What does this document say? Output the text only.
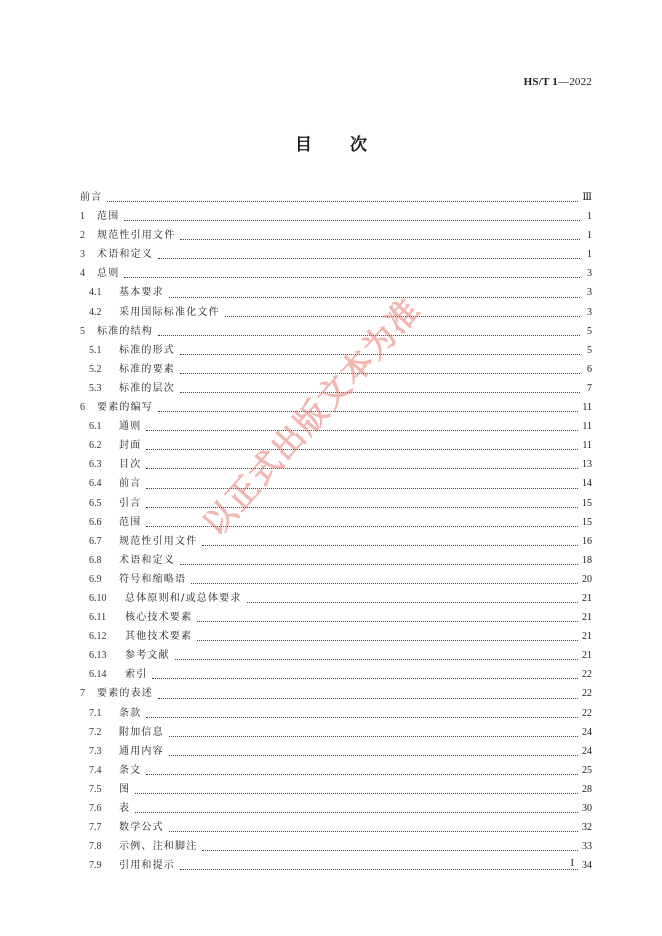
HS/T 1—2022
目次
前言	Ⅲ
1	范围	1
2	规范性引用文件	1
3	术语和定义	1
4	总则	3
4.1	基本要求	3
4.2	采用国际标准化文件	3
5	标准的结构	5
5.1	标准的形式	5
5.2	标准的要素	6
5.3	标准的层次	7
6	要素的编写	11
6.1	通则	11
6.2	封面	11
6.3	目次	13
6.4	前言	14
6.5	引言	15
6.6	范围	15
6.7	规范性引用文件	16
6.8	术语和定义	18
6.9	符号和缩略语	20
6.10	总体原则和/或总体要求	21
6.11	核心技术要素	21
6.12	其他技术要素	21
6.13	参考文献	21
6.14	索引	22
7	要素的表述	22
7.1	条款	22
7.2	附加信息	24
7.3	通用内容	24
7.4	条文	25
7.5	图	28
7.6	表	30
7.7	数学公式	32
7.8	示例、注和脚注	33
7.9	引用和提示	34
I
以正式出版文本为准
